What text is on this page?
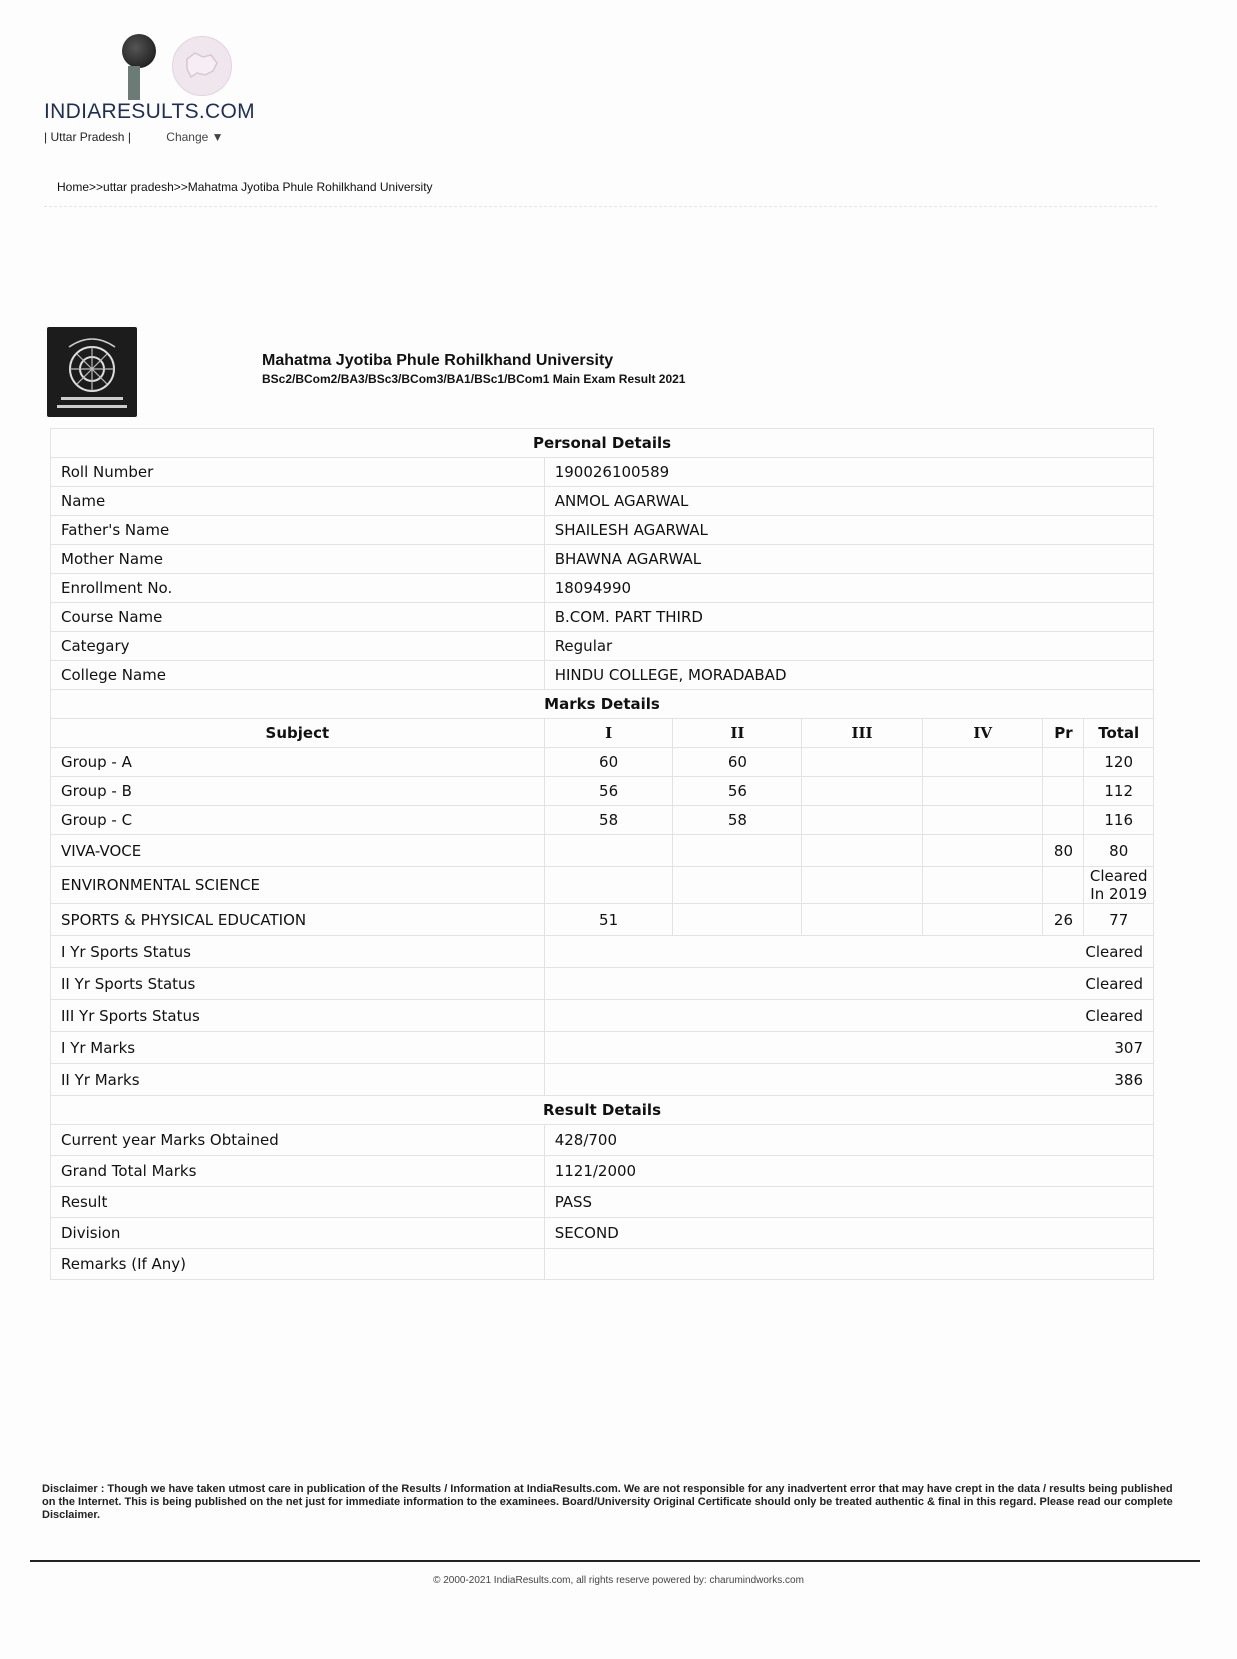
INDIARESULTS.COM
| Uttar Pradesh |	Change ▼
Home>>uttar pradesh>>Mahatma Jyotiba Phule Rohilkhand University
Mahatma Jyotiba Phule Rohilkhand University
BSc2/BCom2/BA3/BSc3/BCom3/BA1/BSc1/BCom1 Main Exam Result 2021
Personal Details						
Roll Number	190026100589					
Name	ANMOL AGARWAL					
Father's Name	SHAILESH AGARWAL					
Mother Name	BHAWNA AGARWAL					
Enrollment No.	18094990					
Course Name	B.COM. PART THIRD					
Categary	Regular					
College Name	HINDU COLLEGE, MORADABAD					
Marks Details						
Subject	I	II	III	IV	Pr	Total
Group - A	60	60				120
Group - B	56	56				112
Group - C	58	58				116
VIVA-VOCE					80	80
ENVIRONMENTAL SCIENCE						Cleared In 2019
SPORTS & PHYSICAL EDUCATION	51				26	77
I Yr Sports Status	Cleared					
II Yr Sports Status	Cleared					
III Yr Sports Status	Cleared					
I Yr Marks	307					
II Yr Marks	386					
Result Details						
Current year Marks Obtained	428/700					
Grand Total Marks	1121/2000					
Result	PASS					
Division	SECOND					
Remarks (If Any)						
Disclaimer : Though we have taken utmost care in publication of the Results / Information at IndiaResults.com. We are not responsible for any inadvertent error that may have crept in the data / results being published on the Internet. This is being published on the net just for immediate information to the examinees. Board/University Original Certificate should only be treated authentic & final in this regard. Please read our complete Disclaimer.
© 2000-2021 IndiaResults.com, all rights reserve powered by: charumindworks.com
